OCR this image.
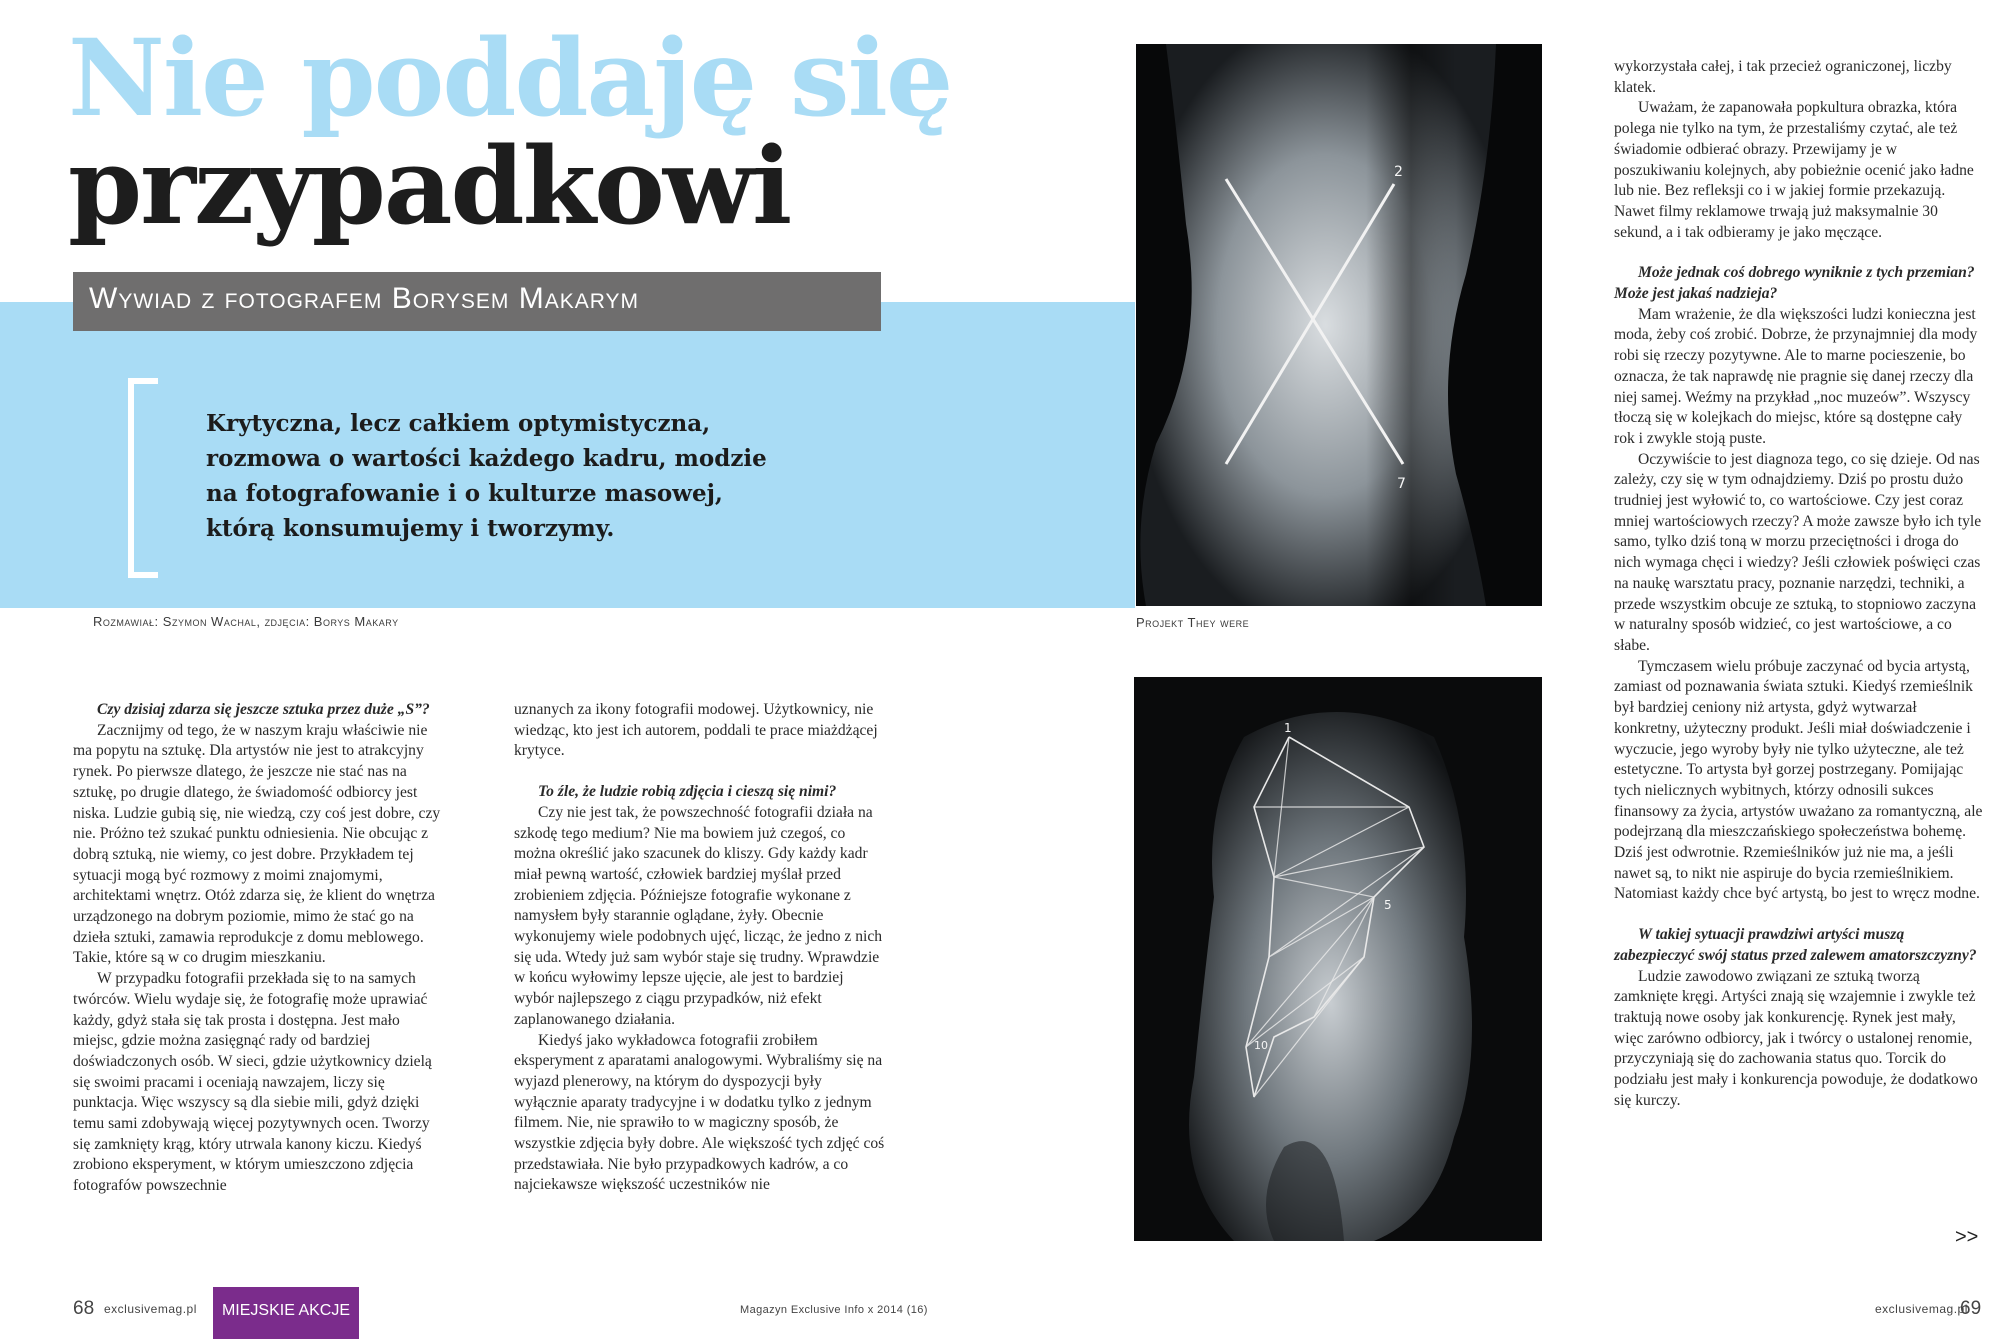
Nie poddaję się
przypadkowi
Wywiad z fotografem Borysem Makarym

Krytyczna, lecz całkiem optymistyczna,

rozmowa o wartości każdego kadru, modzie

na fotografowanie i o kulturze masowej,

którą konsumujemy i tworzymy.

Rozmawiał: Szymon Wachal, zdjęcia: Borys Makary
2
7
Projekt They were
1
5
10

Czy dzisiaj zdarza się jeszcze sztuka przez duże „S”?

Zacznijmy od tego, że w naszym kraju właściwie nie ma popytu na sztukę. Dla artystów nie jest to atrakcyjny rynek. Po pierwsze dlatego, że jeszcze nie stać nas na sztukę, po drugie dlatego, że świadomość odbiorcy jest niska. Ludzie gubią się, nie wiedzą, czy coś jest dobre, czy nie. Próżno też szukać punktu odniesienia. Nie obcując z dobrą sztuką, nie wiemy, co jest dobre. Przykładem tej sytuacji mogą być rozmowy z moimi znajomymi, architektami wnętrz. Otóż zdarza się, że klient do wnętrza urządzonego na dobrym poziomie, mimo że stać go na dzieła sztuki, zamawia reprodukcje z domu meblowego. Takie, które są w co drugim mieszkaniu.

W przypadku fotografii przekłada się to na samych twórców. Wielu wydaje się, że fotografię może uprawiać każdy, gdyż stała się tak prosta i dostępna. Jest mało miejsc, gdzie można zasięgnąć rady od bardziej doświadczonych osób. W sieci, gdzie użytkownicy dzielą się swoimi pracami i oceniają nawzajem, liczy się punktacja. Więc wszyscy są dla siebie mili, gdyż dzięki temu sami zdobywają więcej pozytywnych ocen. Tworzy się zamknięty krąg, który utrwala kanony kiczu. Kiedyś zrobiono eksperyment, w którym umieszczono zdjęcia fotografów powszechnie

uznanych za ikony fotografii modowej. Użytkownicy, nie wiedząc, kto jest ich autorem, poddali te prace miażdżącej krytyce.

To źle, że ludzie robią zdjęcia i cieszą się nimi?

Czy nie jest tak, że powszechność fotografii działa na szkodę tego medium? Nie ma bowiem już czegoś, co można określić jako szacunek do kliszy. Gdy każdy kadr miał pewną wartość, człowiek bardziej myślał przed zrobieniem zdjęcia. Późniejsze fotografie wykonane z namysłem były starannie oglądane, żyły. Obecnie wykonujemy wiele podobnych ujęć, licząc, że jedno z nich się uda. Wtedy już sam wybór staje się trudny. Wprawdzie w końcu wyłowimy lepsze ujęcie, ale jest to bardziej wybór najlepszego z ciągu przypadków, niż efekt zaplanowanego działania.

Kiedyś jako wykładowca fotografii zrobiłem eksperyment z aparatami analogowymi. Wybraliśmy się na wyjazd plenerowy, na którym do dyspozycji były wyłącznie aparaty tradycyjne i w dodatku tylko z jednym filmem. Nie, nie sprawiło to w magiczny sposób, że wszystkie zdjęcia były dobre. Ale większość tych zdjęć coś przedstawiała. Nie było przypadkowych kadrów, a co najciekawsze większość uczestników nie

wykorzystała całej, i tak przecież ograniczonej, liczby klatek.

Uważam, że zapanowała popkultura obrazka, która polega nie tylko na tym, że przestaliśmy czytać, ale też świadomie odbierać obrazy. Przewijamy je w poszukiwaniu kolejnych, aby pobieżnie ocenić jako ładne lub nie. Bez refleksji co i w jakiej formie przekazują. Nawet filmy reklamowe trwają już maksymalnie 30 sekund, a i tak odbieramy je jako męczące.

Może jednak coś dobrego wyniknie z tych przemian? Może jest jakaś nadzieja?

Mam wrażenie, że dla większości ludzi konieczna jest moda, żeby coś zrobić. Dobrze, że przynajmniej dla mody robi się rzeczy pozytywne. Ale to marne pocieszenie, bo oznacza, że tak naprawdę nie pragnie się danej rzeczy dla niej samej. Weźmy na przykład „noc muzeów”. Wszyscy tłoczą się w kolejkach do miejsc, które są dostępne cały rok i zwykle stoją puste.

Oczywiście to jest diagnoza tego, co się dzieje. Od nas zależy, czy się w tym odnajdziemy. Dziś po prostu dużo trudniej jest wyłowić to, co wartościowe. Czy jest coraz mniej wartościowych rzeczy? A może zawsze było ich tyle samo, tylko dziś toną w morzu przeciętności i droga do nich wymaga chęci i wiedzy? Jeśli człowiek poświęci czas na naukę warsztatu pracy, poznanie narzędzi, techniki, a przede wszystkim obcuje ze sztuką, to stopniowo zaczyna w naturalny sposób widzieć, co jest wartościowe, a co słabe.

Tymczasem wielu próbuje zaczynać od bycia artystą, zamiast od poznawania świata sztuki. Kiedyś rzemieślnik był bardziej ceniony niż artysta, gdyż wytwarzał konkretny, użyteczny produkt. Jeśli miał doświadczenie i wyczucie, jego wyroby były nie tylko użyteczne, ale też estetyczne. To artysta był gorzej postrzegany. Pomijając tych nielicznych wybitnych, którzy odnosili sukces finansowy za życia, artystów uważano za romantyczną, ale podejrzaną dla mieszczańskiego społeczeństwa bohemę. Dziś jest odwrotnie. Rzemieślników już nie ma, a jeśli nawet są, to nikt nie aspiruje do bycia rzemieślnikiem. Natomiast każdy chce być artystą, bo jest to wręcz modne.

W takiej sytuacji prawdziwi artyści muszą zabezpieczyć swój status przed zalewem amatorszczyzny?

Ludzie zawodowo związani ze sztuką tworzą zamknięte kręgi. Artyści znają się wzajemnie i zwykle też traktują nowe osoby jak konkurencję. Rynek jest mały, więc zarówno odbiorcy, jak i twórcy o ustalonej renomie, przyczyniają się do zachowania status quo. Torcik do podziału jest mały i konkurencja powoduje, że dodatkowo się kurczy.

>>
68 exclusivemag.pl	MIEJSKIE AKCJE	Magazyn Exclusive Info x 2014 (16)	exclusivemag.pl
69
